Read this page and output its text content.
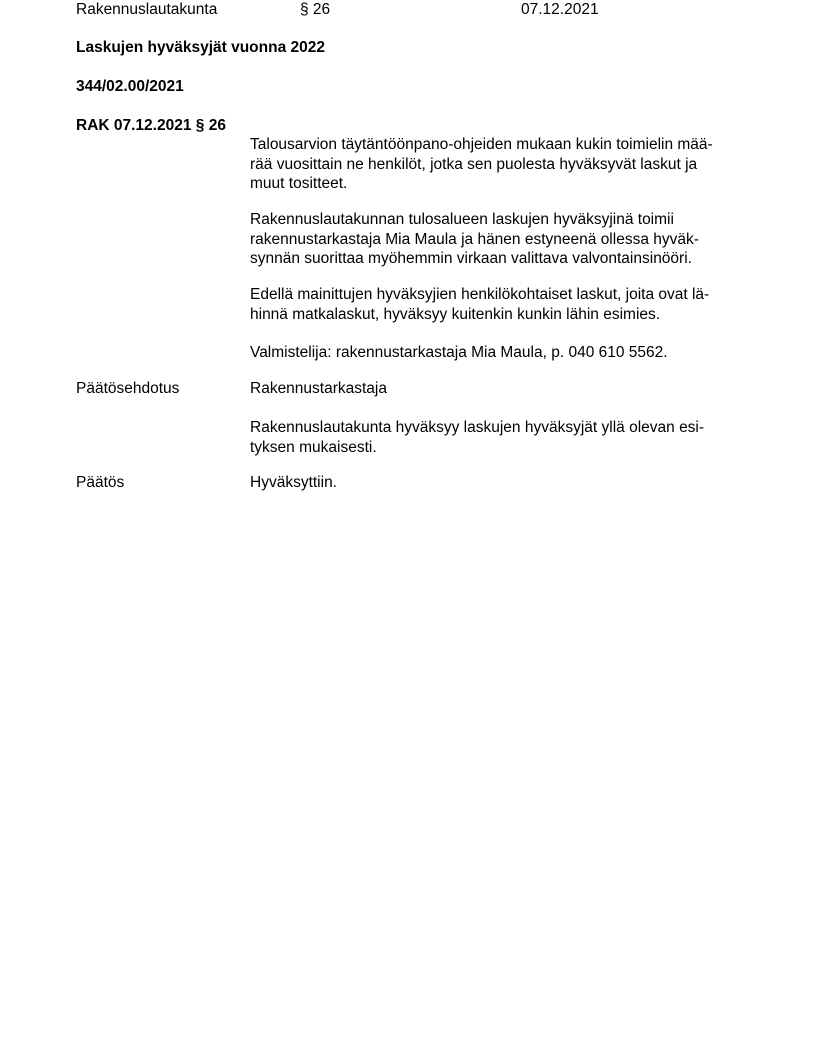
Rakennuslautakunta	§ 26	07.12.2021
Laskujen hyväksyjät vuonna 2022
344/02.00/2021
RAK 07.12.2021 § 26
Talousarvion täytäntöönpano-ohjeiden mukaan kukin toimielin mää-
rää vuosittain ne henkilöt, jotka sen puolesta hyväksyvät laskut ja
muut tositteet.
Rakennuslautakunnan tulosalueen laskujen hyväksyjinä toimii
rakennustarkastaja Mia Maula ja hänen estyneenä ollessa hyväk-
synnän suorittaa myöhemmin virkaan valittava valvontainsinööri.
Edellä mainittujen hyväksyjien henkilökohtaiset laskut, joita ovat lä-
hinnä matkalaskut, hyväksyy kuitenkin kunkin lähin esimies.
Valmistelija: rakennustarkastaja Mia Maula, p. 040 610 5562.
Päätösehdotus	Rakennustarkastaja
Rakennuslautakunta hyväksyy laskujen hyväksyjät yllä olevan esi-
tyksen mukaisesti.
Päätös	Hyväksyttiin.
